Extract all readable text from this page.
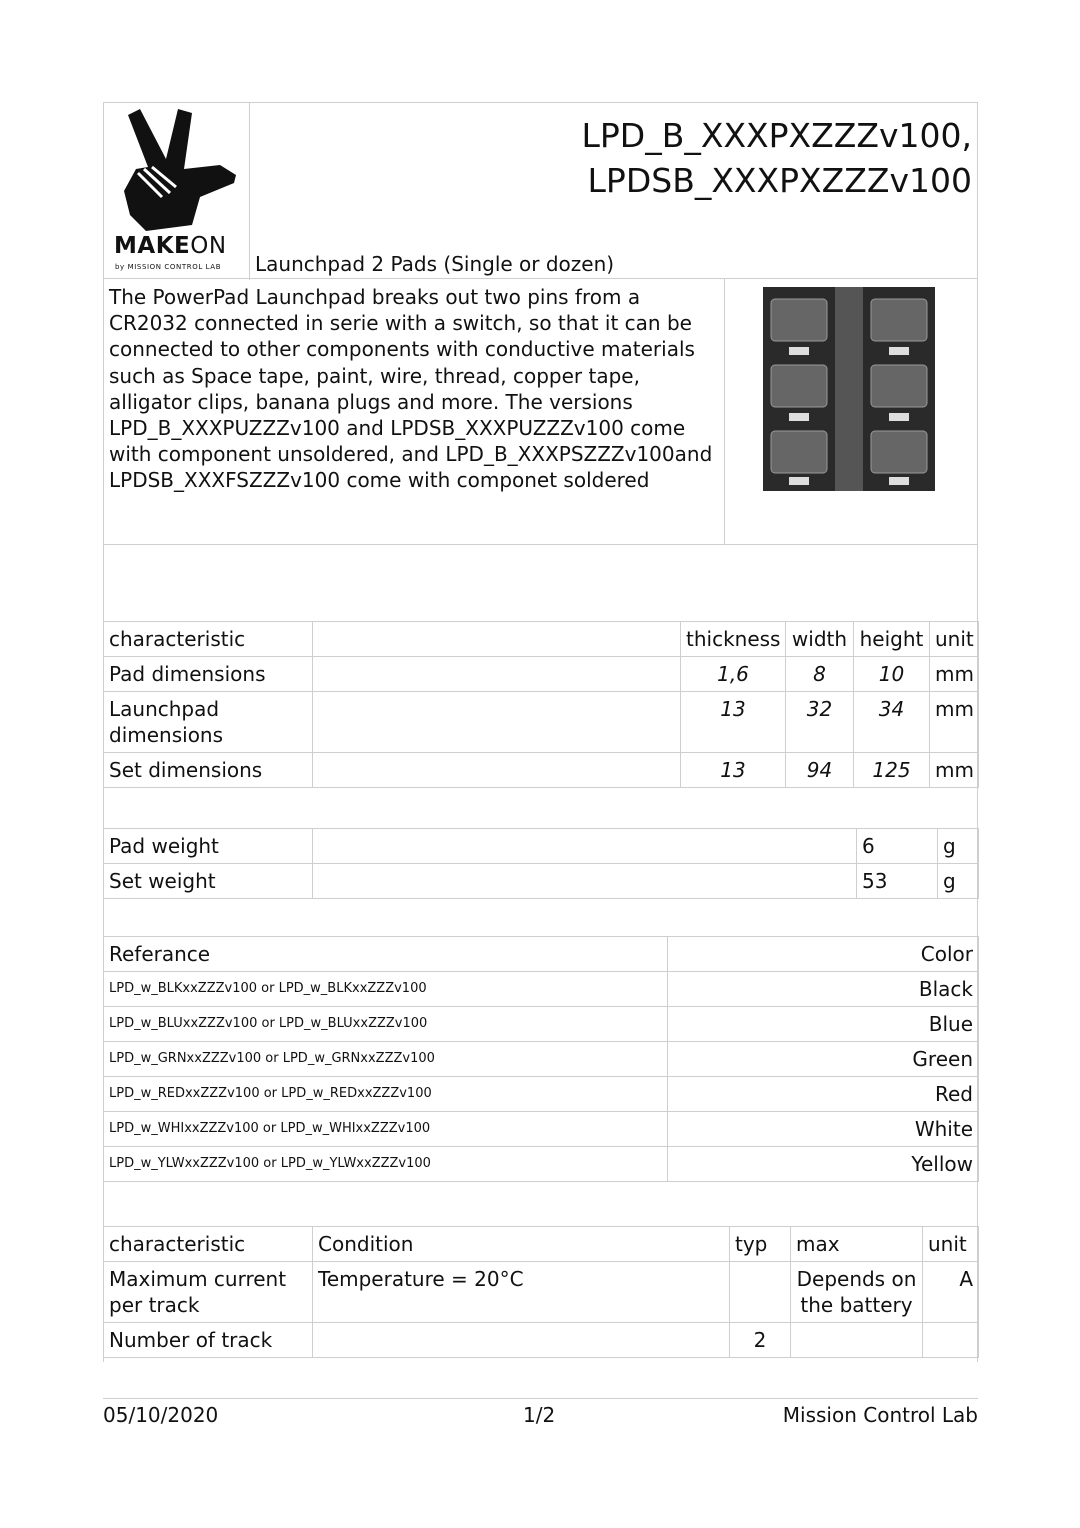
MAKEON
by MISSION CONTROL LAB
LPD_B_XXXPXZZZv100,
LPDSB_XXXPXZZZv100
Launchpad 2 Pads (Single or dozen)
The PowerPad Launchpad breaks out two pins from a CR2032 connected in serie with a switch, so that it can be connected to other components with conductive materials such as Space tape, paint, wire, thread, copper tape, alligator clips, banana plugs and more. The versions LPD_B_XXXPUZZZv100 and LPDSB_XXXPUZZZv100 come with component unsoldered, and LPD_B_XXXPSZZZv100and LPDSB_XXXFSZZZv100 come with componet soldered
characteristic		thickness	width	height	unit
Pad dimensions		1,6	8	10	mm
Launchpad dimensions		13	32	34	mm
Set dimensions		13	94	125	mm
Pad weight		6	g
Set weight		53	g
Referance	Color
LPD_w_BLKxxZZZv100 or LPD_w_BLKxxZZZv100	Black
LPD_w_BLUxxZZZv100 or LPD_w_BLUxxZZZv100	Blue
LPD_w_GRNxxZZZv100 or LPD_w_GRNxxZZZv100	Green
LPD_w_REDxxZZZv100 or LPD_w_REDxxZZZv100	Red
LPD_w_WHIxxZZZv100 or LPD_w_WHIxxZZZv100	White
LPD_w_YLWxxZZZv100 or LPD_w_YLWxxZZZv100	Yellow
characteristic	Condition	typ	max	unit
Maximum current per track	Temperature = 20°C		Depends on the battery	A
Number of track		2		
05/10/2020	1/2	Mission Control Lab
